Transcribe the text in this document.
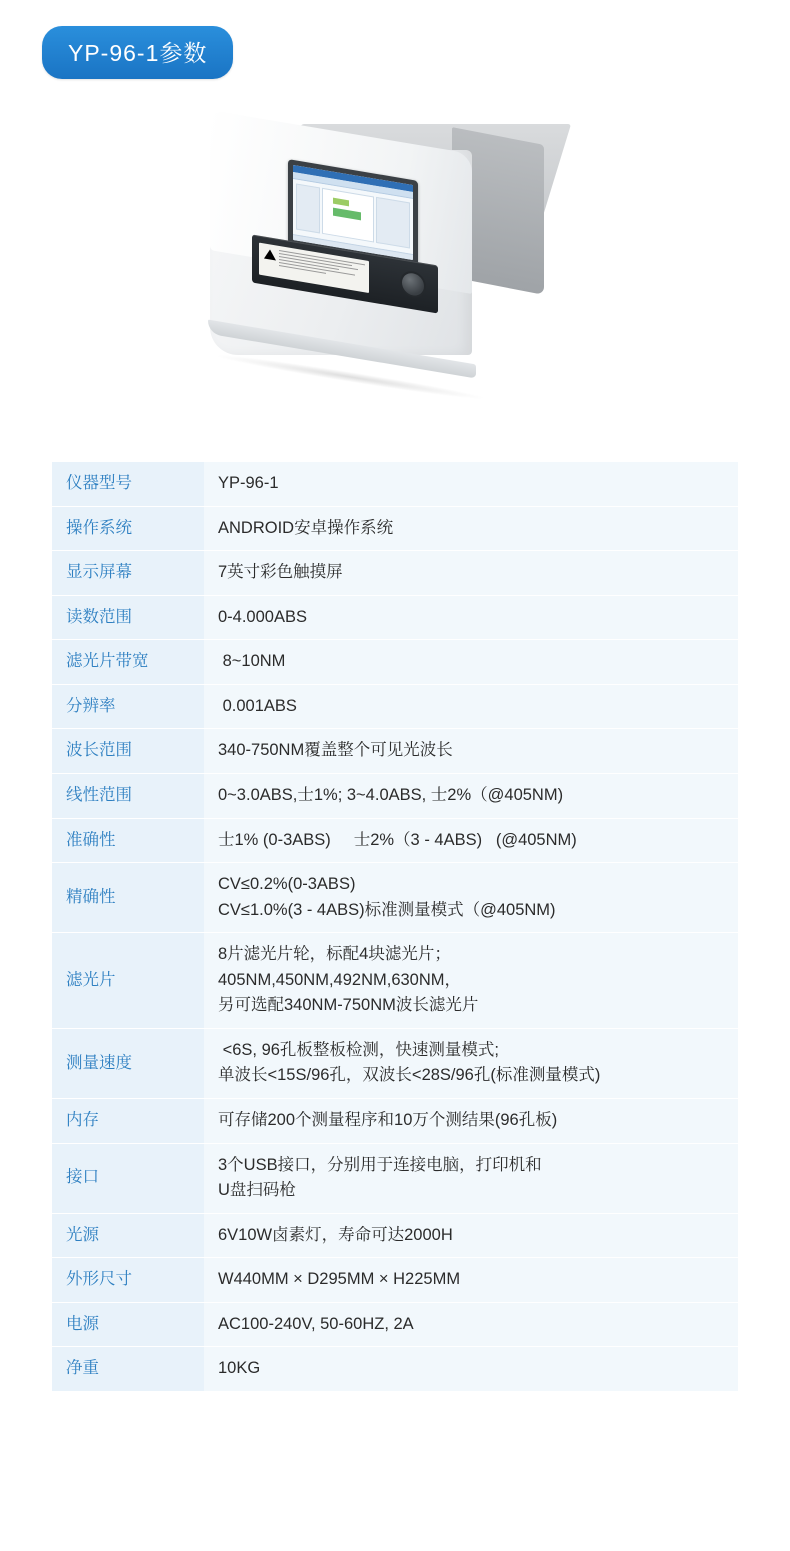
YP-96-1参数
仪器型号	YP-96-1

操作系统	ANDROID安卓操作系统

显示屏幕	7英寸彩色触摸屏

读数范围	0-4.000ABS

滤光片带宽	8~10NM

分辨率	0.001ABS

波长范围	340-750NM覆盖整个可见光波长

线性范围	0~3.0ABS,士1%; 3~4.0ABS, 士2%（@405NM)

准确性	士1% (0-3ABS)     士2%（3 - 4ABS)   (@405NM)

精确性	CV≤0.2%(0-3ABS)
CV≤1.0%(3 - 4ABS)标准测量模式（@405NM)

滤光片	8片滤光片轮，标配4块滤光片；
405NM,450NM,492NM,630NM，
另可选配340NM-750NM波长滤光片

测量速度	<6S, 96孔板整板检测，快速测量模式;
单波长<15S/96孔，双波长<28S/96孔(标准测量模式)

内存	可存储200个测量程序和10万个测结果(96孔板)

接口	3个USB接口，分别用于连接电脑，打印机和
U盘扫码枪

光源	6V10W卤素灯，寿命可达2000H

外形尺寸	W440MM × D295MM × H225MM

电源	AC100-240V, 50-60HZ, 2A

净重	10KG
